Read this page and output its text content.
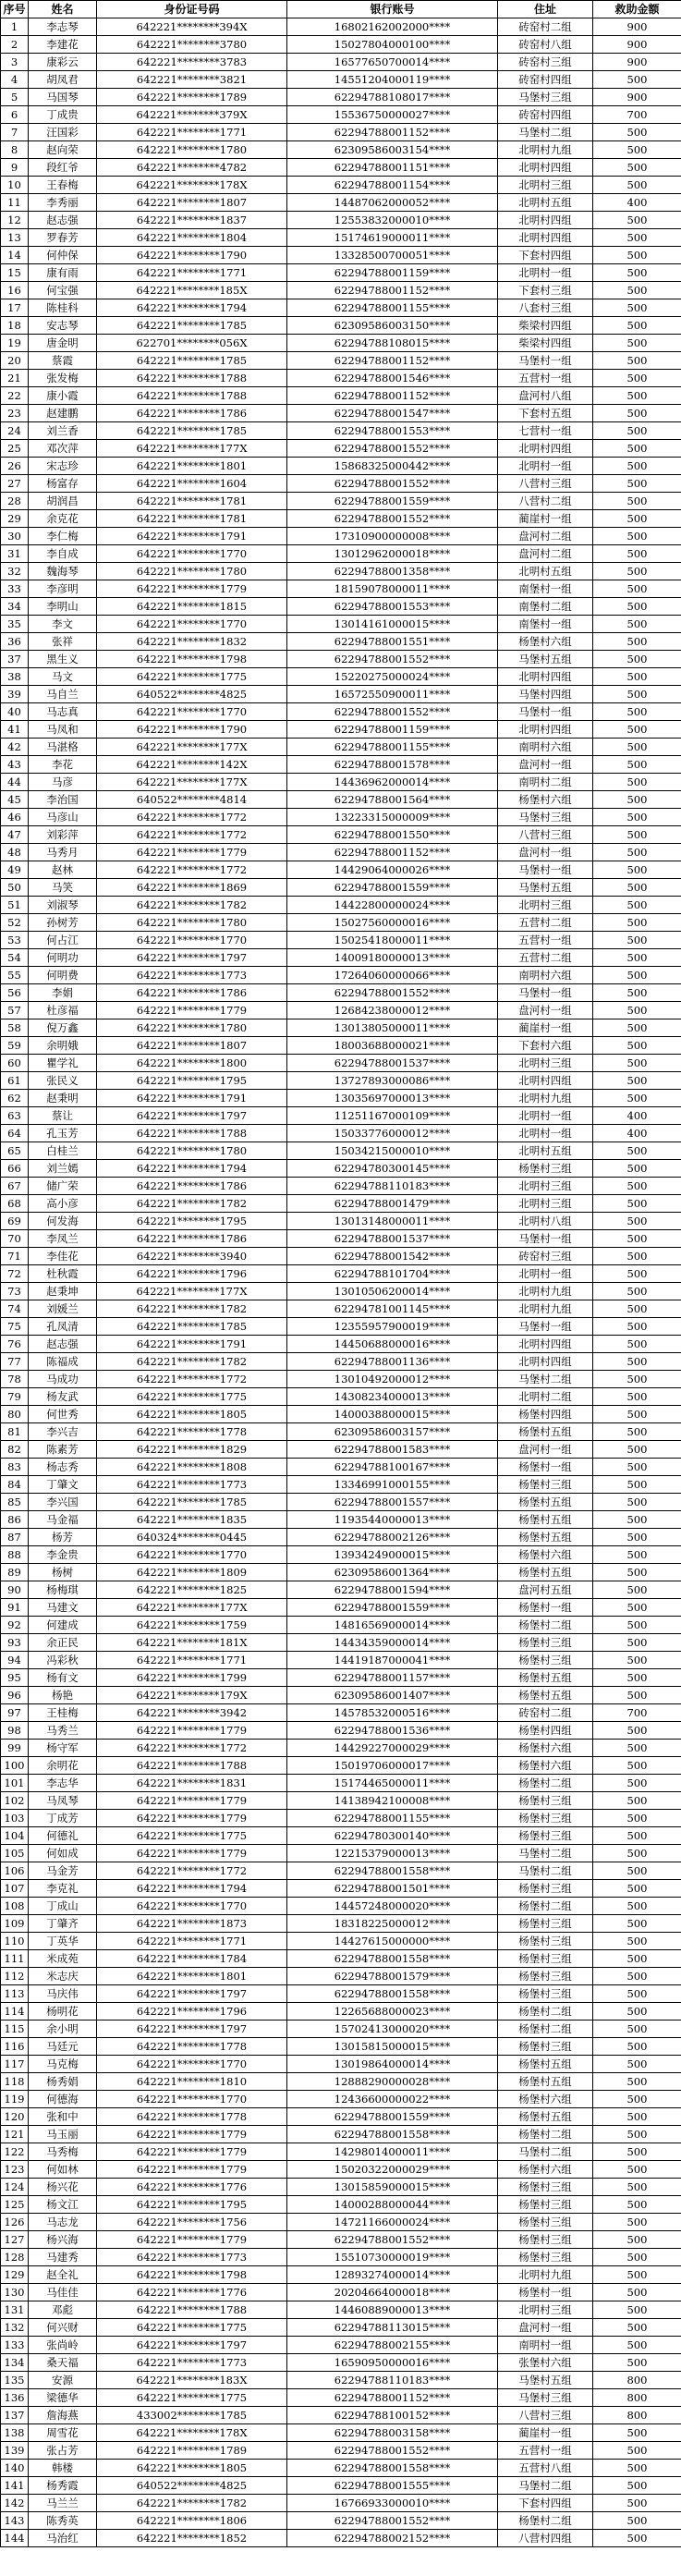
序号	姓名	身份证号码	银行账号	住址	救助金额
1	李志琴	642221********394X	16802162002000****	砖窑村二组	900
2	李建花	642221********3780	15027804000100****	砖窑村八组	900
3	康彩云	642221********3783	16577650700014****	砖窑村三组	900
4	胡凤君	642221********3821	14551204000119****	砖窑村四组	500
5	马国琴	642221********1789	62294788108017****	马堡村三组	900
6	丁成贵	642221********379X	15536750000027****	砖窑村四组	700
7	汪国彩	642221********1771	62294788001152****	马堡村二组	500
8	赵向荣	642221********1780	62309586003154****	北明村九组	500
9	段红爷	642221********4782	62294788001151****	北明村四组	500
10	王春梅	642221********178X	62294788001154****	北明村三组	500
11	李秀丽	642221********1807	14487062000052****	北明村五组	400
12	赵志强	642221********1837	12553832000010****	北明村四组	500
13	罗春芳	642221********1804	15174619000011****	北明村四组	500
14	何仲保	642221********1790	13328500700051****	下套村四组	500
15	康有雨	642221********1771	62294788001159****	北明村一组	500
16	何宝强	642221********185X	62294788001152****	下套村三组	500
17	陈桂科	642221********1794	62294788001155****	八套村三组	500
18	安志琴	642221********1785	62309586003150****	柴梁村四组	500
19	唐金明	622701********056X	62294788108015****	柴梁村四组	500
20	蔡霞	642221********1785	62294788001152****	马堡村一组	500
21	张发梅	642221********1788	62294788001546****	五营村一组	500
22	康小霞	642221********1788	62294788001152****	盘河村八组	500
23	赵建鹏	642221********1786	62294788001547****	下套村五组	500
24	刘兰香	642221********1785	62294788001553****	七营村一组	500
25	邓次萍	642221********177X	62294788001552****	北明村四组	500
26	宋志珍	642221********1801	15868325000442****	北明村一组	500
27	杨富存	642221********1604	62294788001552****	八营村三组	500
28	胡润昌	642221********1781	62294788001559****	八营村二组	500
29	余克花	642221********1781	62294788001552****	蔺崖村一组	500
30	李仁梅	642221********1791	17310900000008****	盘河村二组	500
31	李自成	642221********1770	13012962000018****	盘河村二组	500
32	魏海琴	642221********1780	62294788001358****	北明村五组	500
33	李彦明	642221********1779	18159078000011****	南堡村一组	500
34	李明山	642221********1815	62294788001553****	南堡村二组	500
35	李文	642221********1770	13014161000015****	南堡村一组	500
36	张祥	642221********1832	62294788001551****	杨堡村六组	500
37	黑生义	642221********1798	62294788001552****	马堡村五组	500
38	马文	642221********1775	15220275000024****	北明村四组	500
39	马自兰	640522********4825	16572550900011****	马堡村四组	500
40	马志真	642221********1770	62294788001552****	马堡村一组	500
41	马凤和	642221********1790	62294788001159****	北明村四组	500
42	马湛格	642221********177X	62294788001155****	南明村六组	500
43	李花	642221********142X	62294788001578****	盘河村一组	500
44	马彦	642221********177X	14436962000014****	南明村二组	500
45	李治国	640522********4814	62294788001564****	杨堡村六组	500
46	马彦山	642221********1772	13223315000009****	马堡村三组	500
47	刘彩萍	642221********1772	62294788001550****	八营村三组	500
48	马秀月	642221********1779	62294788001152****	盘河村一组	500
49	赵林	642221********1772	14429064000026****	马堡村一组	500
50	马笑	642221********1869	62294788001559****	马堡村五组	500
51	刘淑琴	642221********1782	14422800000024****	北明村三组	500
52	孙树芳	642221********1780	15027560000016****	五营村二组	500
53	何占江	642221********1770	15025418000011****	五营村一组	500
54	何明功	642221********1797	14009180000013****	五营村二组	500
55	何明费	642221********1773	17264060000066****	南明村六组	500
56	李娟	642221********1786	62294788001552****	马堡村一组	500
57	杜彦福	642221********1779	12684238000012****	盘河村一组	500
58	倪万鑫	642221********1780	13013805000011****	蔺崖村一组	500
59	余明娥	642221********1807	18003688000021****	下套村六组	500
60	瞿学礼	642221********1800	62294788001537****	北明村三组	500
61	张民义	642221********1795	13727893000086****	北明村四组	500
62	赵秉明	642221********1791	13035697000013****	北明村九组	500
63	蔡让	642221********1797	11251167000109****	北明村一组	400
64	孔玉芳	642221********1788	15033776000012****	北明村一组	400
65	白桂兰	642221********1780	15034215000010****	北明村五组	500
66	刘兰嫣	642221********1794	62294780300145****	杨堡村三组	500
67	储广荣	642221********1786	62294788110183****	北明村三组	500
68	高小彦	642221********1782	62294788001479****	北明村三组	500
69	何发海	642221********1795	13013148000011****	北明村八组	500
70	李凤兰	642221********1786	62294788001537****	马堡村一组	500
71	李佳花	642221********3940	62294788001542****	砖窑村三组	500
72	杜秋霞	642221********1796	62294788101704****	北明村一组	500
73	赵秉坤	642221********177X	13010506200014****	北明村九组	500
74	刘媛兰	642221********1782	62294781001145****	北明村九组	500
75	孔凤清	642221********1785	12355957900019****	马堡村一组	500
76	赵志强	642221********1791	14450688000016****	北明村四组	500
77	陈福成	642221********1782	62294788001136****	北明村四组	500
78	马成功	642221********1772	13010492000012****	马堡村二组	500
79	杨友武	642221********1775	14308234000013****	北明村二组	500
80	何世秀	642221********1805	14000388000015****	杨堡村四组	500
81	李兴吉	642221********1778	62309586003157****	杨堡村五组	500
82	陈素芳	642221********1829	62294788001583****	盘河村一组	500
83	杨志秀	642221********1808	62294788100167****	杨堡村一组	500
84	丁肇文	642221********1773	13346991000155****	杨堡村三组	500
85	李兴国	642221********1785	62294788001557****	杨堡村五组	500
86	马金福	642221********1835	11935440000013****	杨堡村五组	500
87	杨芳	640324********0445	62294788002126****	杨堡村五组	500
88	李金贵	642221********1770	13934249000015****	杨堡村六组	500
89	杨树	642221********1809	62309586001364****	杨堡村五组	500
90	杨梅琪	642221********1825	62294788001594****	盘河村五组	500
91	马建文	642221********177X	62294788001559****	杨堡村一组	500
92	何建成	642221********1759	14816569000014****	杨堡村二组	500
93	余正民	642221********181X	14434359000014****	杨堡村三组	500
94	冯彩秋	642221********1771	14419187000041****	杨堡村三组	500
95	杨有文	642221********1799	62294788001157****	杨堡村五组	500
96	杨艳	642221********179X	62309586001407****	杨堡村五组	500
97	王桂梅	642221********3942	14578532000516****	砖窑村二组	700
98	马秀兰	642221********1779	62294788001536****	杨堡村四组	500
99	杨守军	642221********1772	14429227000029****	杨堡村六组	500
100	余明花	642221********1788	15019706000017****	杨堡村六组	500
101	李志华	642221********1831	15174465000011****	杨堡村二组	500
102	马凤琴	642221********1779	14138942100008****	杨堡村三组	500
103	丁成芳	642221********1779	62294788001155****	杨堡村三组	500
104	何德礼	642221********1775	62294780300140****	杨堡村三组	500
105	何如成	642221********1779	12215379000013****	马堡村二组	500
106	马金芳	642221********1772	62294788001558****	马堡村二组	500
107	李克礼	642221********1794	62294788001501****	杨堡村三组	500
108	丁成山	642221********1770	14457248000020****	杨堡村二组	500
109	丁肇齐	642221********1873	18318225000012****	杨堡村三组	500
110	丁英华	642221********1771	14427615000000****	杨堡村三组	500
111	米成苑	642221********1784	62294788001558****	杨堡村三组	500
112	米志庆	642221********1801	62294788001579****	杨堡村三组	500
113	马庆伟	642221********1797	62294788001558****	杨堡村三组	500
114	杨明花	642221********1796	12265688000023****	杨堡村二组	500
115	余小明	642221********1797	15702413000020****	杨堡村二组	500
116	马廷元	642221********1778	13015815000015****	杨堡村三组	500
117	马克梅	642221********1770	13019864000014****	杨堡村五组	500
118	杨秀娟	642221********1810	12888290000028****	杨堡村五组	500
119	何德海	642221********1770	12436600000022****	杨堡村六组	500
120	张和中	642221********1778	62294788001559****	杨堡村五组	500
121	马玉丽	642221********1779	62294788001558****	杨堡村二组	500
122	马秀梅	642221********1779	14298014000011****	马堡村二组	500
123	何如林	642221********1779	15020322000029****	杨堡村六组	500
124	杨兴花	642221********1776	13015859000015****	杨堡村三组	500
125	杨文江	642221********1795	14000288000044****	杨堡村三组	500
126	马志龙	642221********1756	14721166000024****	杨堡村三组	500
127	杨兴海	642221********1779	62294788001552****	杨堡村三组	500
128	马建秀	642221********1773	15510730000019****	杨堡村三组	500
129	赵全礼	642221********1798	12893274000014****	北明村九组	500
130	马佳佳	642221********1776	20204664000018****	杨堡村一组	500
131	邓彪	642221********1788	14460889000013****	北明村三组	500
132	何兴财	642221********1775	62294788113015****	盘河村一组	500
133	张尚岭	642221********1797	62294788002155****	南明村一组	500
134	桑天福	642221********1773	16590950000016****	张堡村六组	500
135	安源	642221********183X	62294788110183****	马堡村五组	800
136	梁德华	642221********1775	62294788001152****	马堡村三组	800
137	詹海燕	433002********1785	62294788100152****	八营村三组	800
138	周雪花	642221********178X	62294788003158****	蔺崖村一组	500
139	张占芳	642221********1789	62294788001552****	五营村一组	500
140	韩楼	642221********1805	62294788001558****	五营村八组	500
141	杨秀霞	640522********4825	62294788001555****	马堡村二组	500
142	马兰兰	642221********1782	16766933000010****	下套村四组	500
143	陈秀英	642221********1806	62294788001552****	杨堡村二组	500
144	马治红	642221********1852	62294788002152****	八营村四组	500
